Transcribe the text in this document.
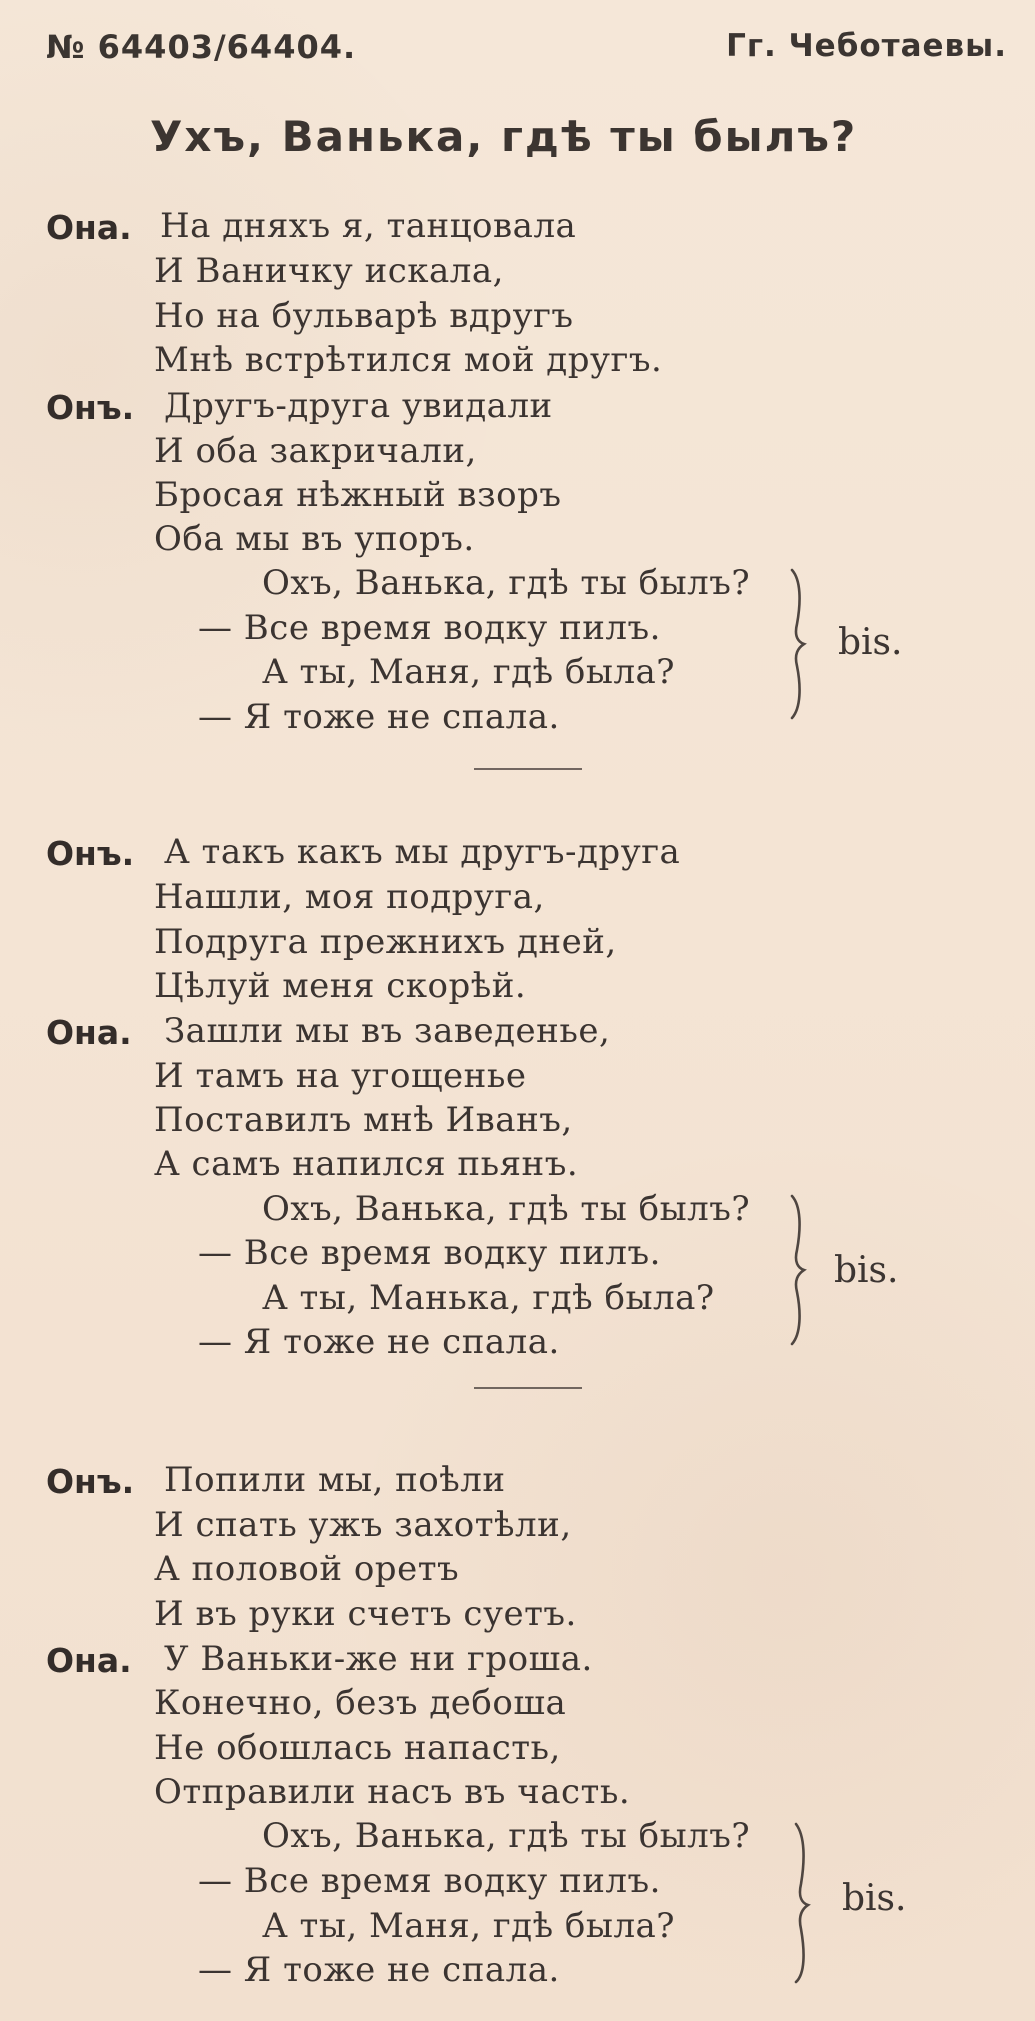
№ 64403/64404.	Гг. Чеботаевы.
Ухъ, Ванька, гдѣ ты былъ?
Она. На дняхъ я, танцовала
И Ваничку искала,
Но на бульварѣ вдругъ
Мнѣ встрѣтился мой другъ.
Онъ. Другъ-друга увидали
И оба закричали,
Бросая нѣжный взоръ
Оба мы въ упоръ.
Охъ, Ванька, гдѣ ты былъ?
— Все время водку пилъ.
А ты, Маня, гдѣ была?
— Я тоже не спала.
bis.
Онъ. А такъ какъ мы другъ-друга
Нашли, моя подруга,
Подруга прежнихъ дней,
Цѣлуй меня скорѣй.
Она. Зашли мы въ заведенье,
И тамъ на угощенье
Поставилъ мнѣ Иванъ,
А самъ напился пьянъ.
Охъ, Ванька, гдѣ ты былъ?
— Все время водку пилъ.
А ты, Манька, гдѣ была?
— Я тоже не спала.
bis.
Онъ. Попили мы, поѣли
И спать ужъ захотѣли,
А половой оретъ
И въ руки счетъ суетъ.
Она. У Ваньки-же ни гроша.
Конечно, безъ дебоша
Не обошлась напасть,
Отправили насъ въ часть.
Охъ, Ванька, гдѣ ты былъ?
— Все время водку пилъ.
А ты, Маня, гдѣ была?
— Я тоже не спала.
bis.
